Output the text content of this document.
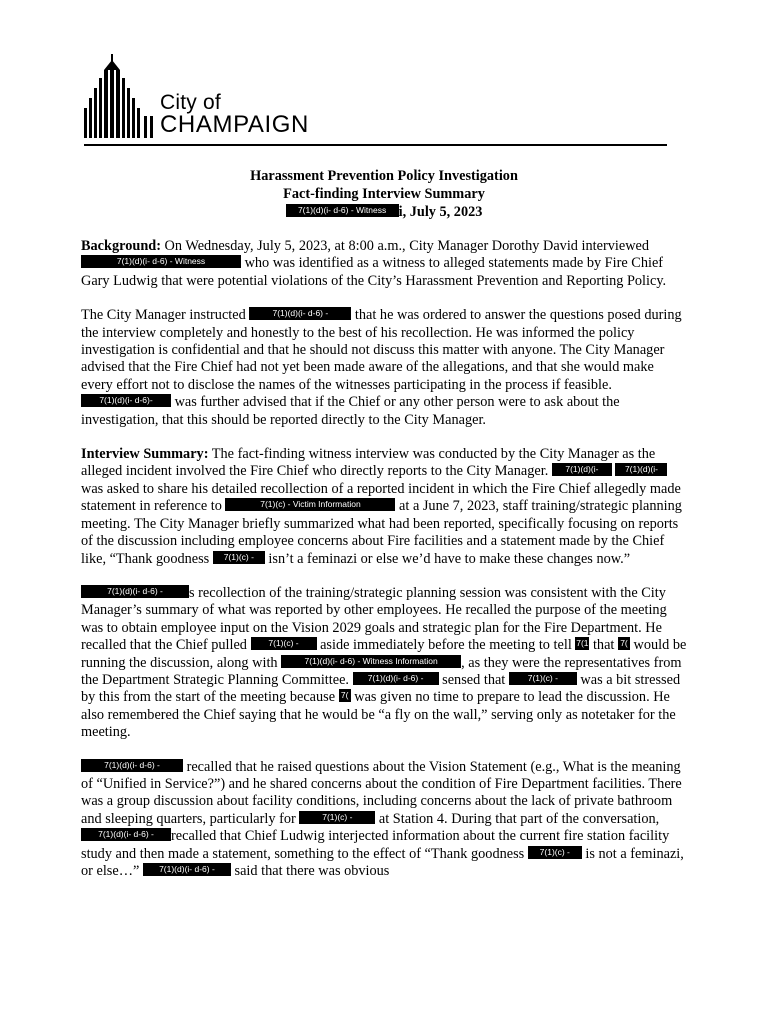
City of
CHAMPAIGN
Harassment Prevention Policy Investigation
Fact-finding Interview Summary
7(1)(d)(i- d-6) - Witness i, July 5, 2023

Background: On Wednesday, July 5, 2023, at 8:00 a.m., City Manager Dorothy David interviewed 7(1)(d)(i- d-6) - Witness	who was identified as a witness to alleged statements made by Fire Chief Gary Ludwig that were potential violations of the City’s Harassment Prevention and Reporting Policy.

The City Manager instructed	7(1)(d)(i- d-6) - that he was ordered to answer the questions posed during the interview completely and honestly to the best of his recollection. He was informed the policy investigation is confidential and that he should not discuss this matter with anyone. The City Manager advised that the Fire Chief had not yet been made aware of the allegations, and that she would make every effort not to disclose the names of the witnesses participating in the process if feasible. 7(1)(d)(i- d-6)- was further advised that if the Chief or any other person were to ask about the investigation, that this should be reported directly to the City Manager.

Interview Summary: The fact-finding witness interview was conducted by the City Manager as the alleged incident involved the Fire Chief who directly reports to the City Manager. 7(1)(d)(i-	7(1)(d)(i- was asked to share his detailed recollection of a reported incident in which the Fire Chief allegedly made statement in reference to	7(1)(c) - Victim Information at a June 7, 2023, staff training/strategic planning meeting. The City Manager briefly summarized what had been reported, specifically focusing on reports of the discussion including employee concerns about Fire facilities and a statement made by the Chief like, “Thank goodness 7(1)(c) - isn’t a feminazi or else we’d have to make these changes now.”

7(1)(d)(i- d-6) - s recollection of the training/strategic planning session was consistent with the City Manager’s summary of what was reported by other employees. He recalled the purpose of the meeting was to obtain employee input on the Vision 2029 goals and strategic plan for the Fire Department. He recalled that the Chief pulled 7(1)(c) - aside immediately before the meeting to tell 7(1 that 7( would be running the discussion, along with	7(1)(d)(i- d-6) - Witness Information , as they were the representatives from the Department Strategic Planning Committee. 7(1)(d)(i- d-6) - sensed that 7(1)(c) - was a bit stressed by this from the start of the meeting because 7( was given no time to prepare to lead the discussion. He also remembered the Chief saying that he would be “a fly on the wall,” serving only as notetaker for the meeting.

7(1)(d)(i- d-6) - recalled that he raised questions about the Vision Statement (e.g., What is the meaning of “Unified in Service?”) and he shared concerns about the condition of Fire Department facilities. There was a group discussion about facility conditions, including concerns about the lack of private bathroom and sleeping quarters, particularly for	7(1)(c) - at Station 4. During that part of the conversation, 7(1)(d)(i- d-6) - recalled that Chief Ludwig interjected information about the current fire station facility study and then made a statement, something to the effect of “Thank goodness 7(1)(c) - is not a feminazi, or else…” 7(1)(d)(i- d-6) - said that there was obvious
